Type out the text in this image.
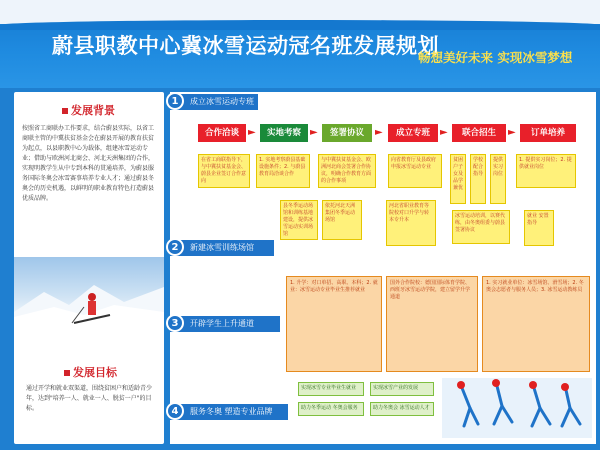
蔚县职教中心冀冰雪运动冠名班发展规划
畅想美好未来 实现冰雪梦想
发展背景
按照省工商联办工作要求，结合蔚县实际，以省工商联主管的中冀扶贫基金会在蔚县开展的教育扶贫为起点，以县职教中心为载体，组建冰雪运动专业；借助与欧洲河北商会、河北天洲集团的合作，实现明教学生从中专到本科的贯通培养，为蔚县服务国际冬奥会冰雪赛事培养专业人才；通过蔚县冬奥会的历史机遇，以鲜明的职业教育特色打造蔚县优质品牌。
发展目标
通过开学和就业双渠道，围绕贫困户和适龄青少年，达到"培养一人、就业一人、脱贫一户"的目标。
成立冰雪运动专班
1
合作洽谈	实地考察	签署协议	成立专班	联合招生	订单培养
►	►	►	►	►
在省工商联指导下，与中冀扶贫基金会、蔚县企业签订合作意向
1. 实地考察蔚县基础设施条件；2. 与蔚县教育局洽谈合作
与中冀扶贫基金会、欧洲河北商会签署合作协议，明确合作教育方面的合作事项
向省教育厅及县政府申报冰雪运动专业
贫困户子女及品学兼优
学校 配合 指导
提供 实习 岗位
1. 提供实习岗位；2. 提供就业岗位
县冬季运动场馆和训练基地建设，提供冰雪运动实训场馆
依托河北天洲集团冬季运动场馆
河北省职业教育等院校对口升学与转本专升本
冰雪运动培训，以赛代练，由冬奥组委与蔚县签署协议
就业 安置 指导
新建冰雪训练场馆
2
1. 升学：对口单招、高职、本科；2. 就业：冰雪运动专业毕业生推荐就业
国外合作院校：德国国际体育学院、西班牙冰雪运动学院，建立留学升学通道
1. 实习就业单位：冰雪场馆、滑雪场；2. 冬奥会志愿者与服务人员；3. 冰雪运动教练员
开辟学生上升通道
3
服务冬奥 塑造专业品牌
4
实现冰雪专业毕业生就业
助力冬季运动 冬奥会服务
实现冰雪产业的发展
助力冬奥会 冰雪运动人才
